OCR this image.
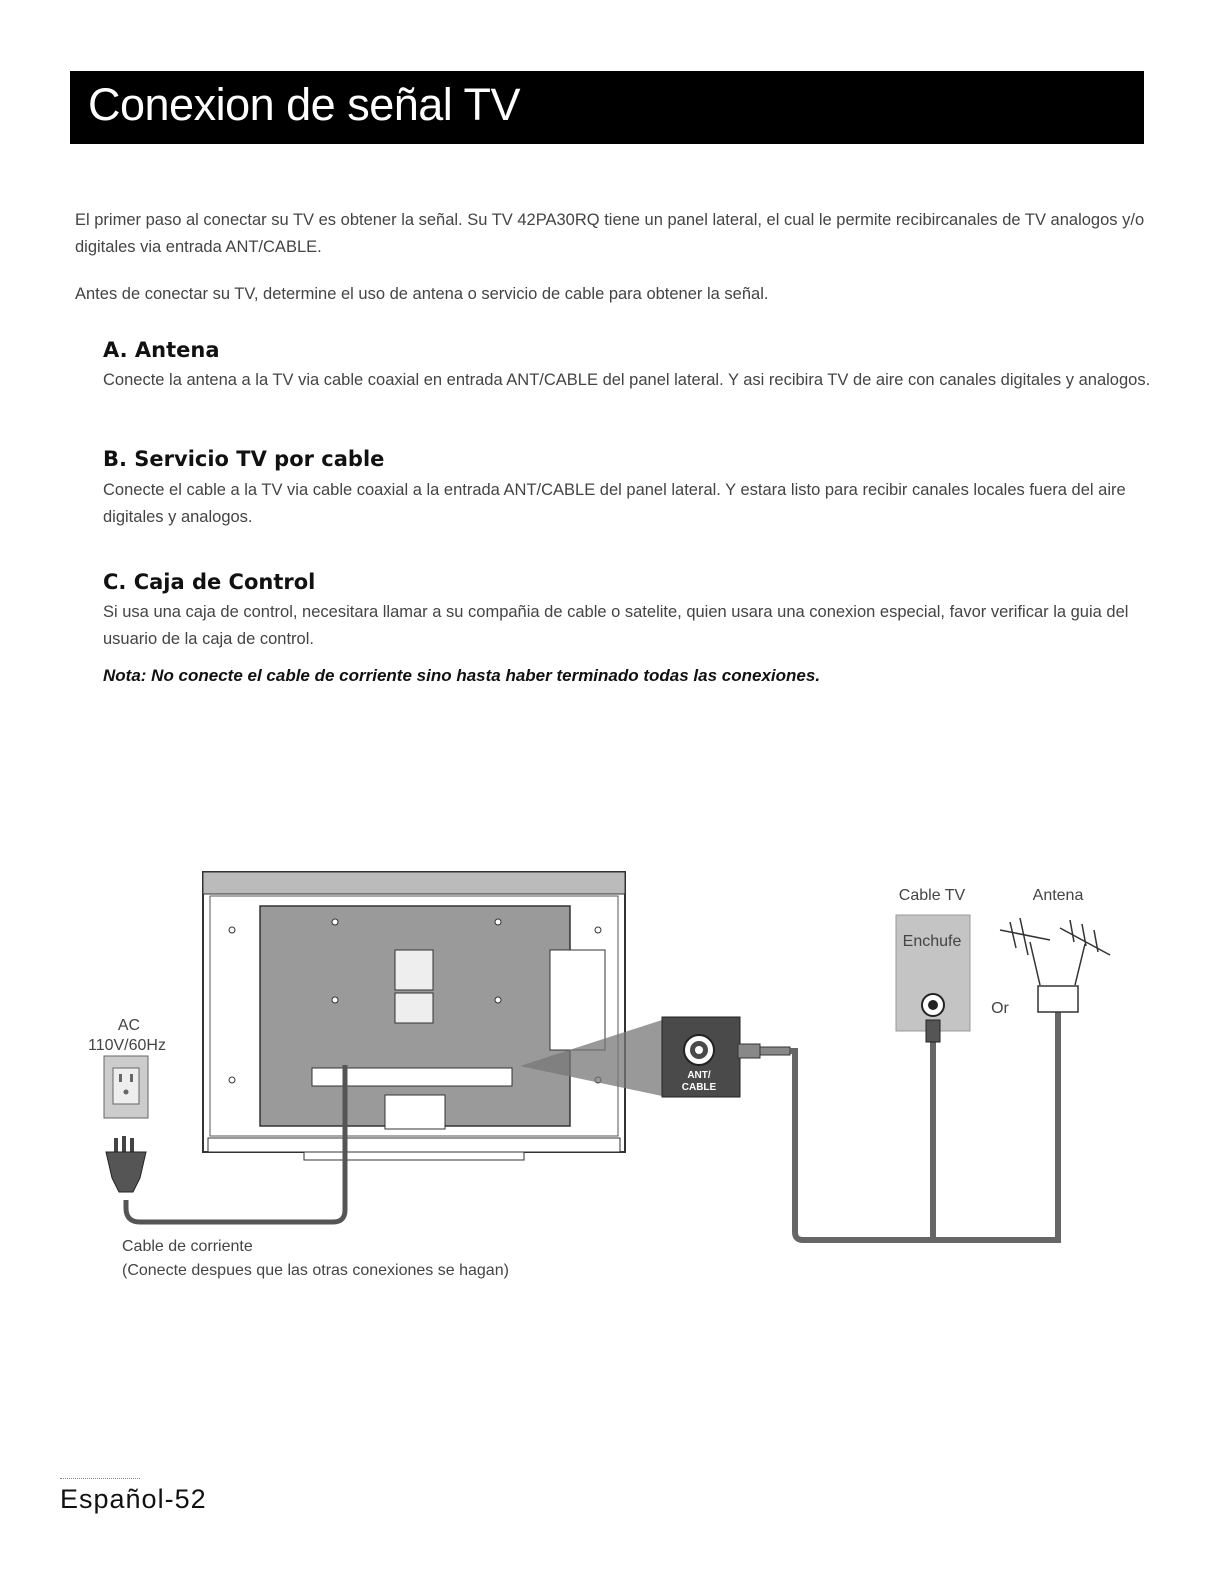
Conexion de señal TV

El primer paso al conectar su TV es obtener la señal. Su TV 42PA30RQ tiene un panel lateral, el cual le permite recibircanales de TV analogos y/o digitales via entrada ANT/CABLE.

Antes de conectar su TV, determine el uso de antena o servicio de cable para obtener la señal.

A. Antena

Conecte la antena a la TV via cable coaxial en entrada ANT/CABLE del panel lateral. Y asi recibira TV de aire con canales digitales y analogos.

B. Servicio TV por cable

Conecte el cable a la TV via cable coaxial a la entrada ANT/CABLE del panel lateral. Y estara listo para recibir canales locales fuera del aire digitales y analogos.

C. Caja de Control

Si usa una caja de control, necesitara llamar a su compañia de cable o satelite, quien usara una conexion especial, favor verificar la guia del usuario de la caja de control.

Nota: No conecte el cable de corriente sino hasta haber terminado todas las conexiones.

ANT/
CABLE
Cable TV	Antena
Enchufe
Or
AC
110V/60Hz

Cable de corriente

(Conecte despues que las otras conexiones se hagan)

Español-52
